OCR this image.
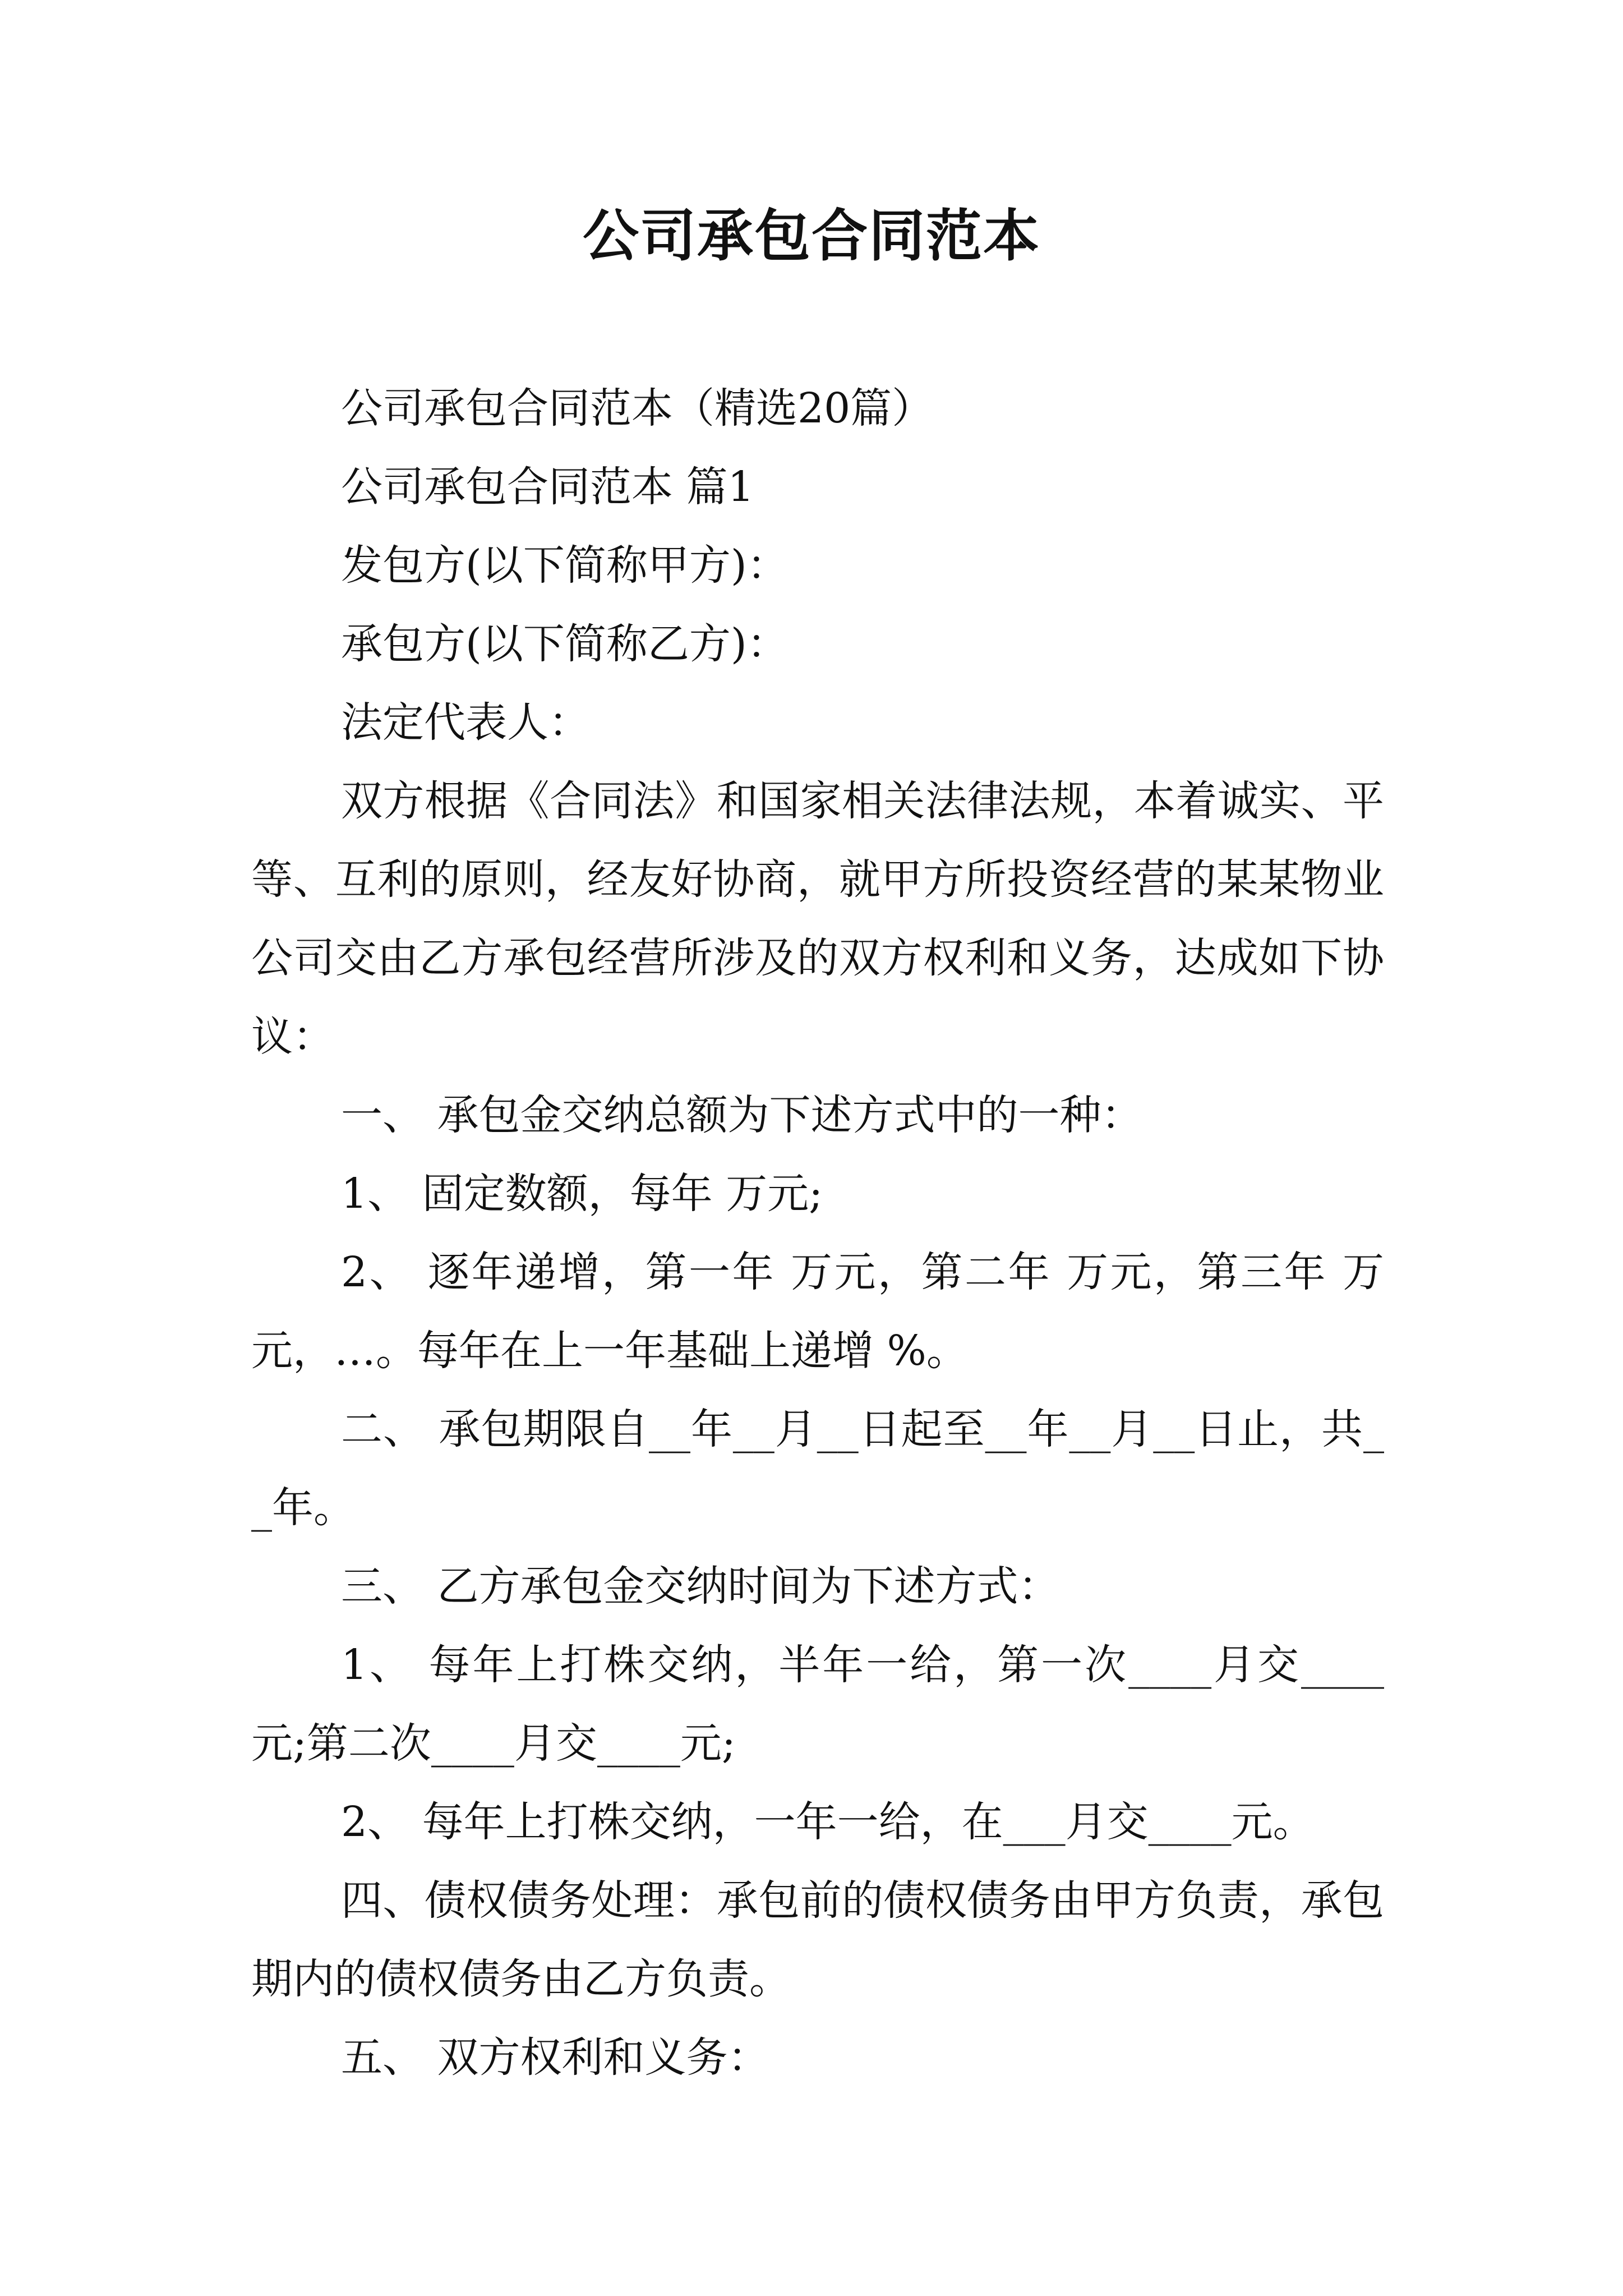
公司承包合同范本

公司承包合同范本（精选20篇）

公司承包合同范本 篇1

发包方(以下简称甲方)：

承包方(以下简称乙方)：

法定代表人：

双方根据《合同法》和国家相关法律法规，本着诚实、平等、互利的原则，经友好协商，就甲方所投资经营的某某物业公司交由乙方承包经营所涉及的双方权利和义务，达成如下协议：

一、 承包金交纳总额为下述方式中的一种：

1、 固定数额，每年 万元;

2、 逐年递增，第一年 万元，第二年 万元，第三年 万元，…。每年在上一年基础上递增 %。

二、 承包期限自__年__月__日起至__年__月__日止，共__年。

三、 乙方承包金交纳时间为下述方式：

1、 每年上打株交纳，半年一给，第一次____月交____元;第二次____月交____元;

2、 每年上打株交纳，一年一给，在___月交____元。

四、债权债务处理：承包前的债权债务由甲方负责，承包期内的债权债务由乙方负责。

五、 双方权利和义务：
